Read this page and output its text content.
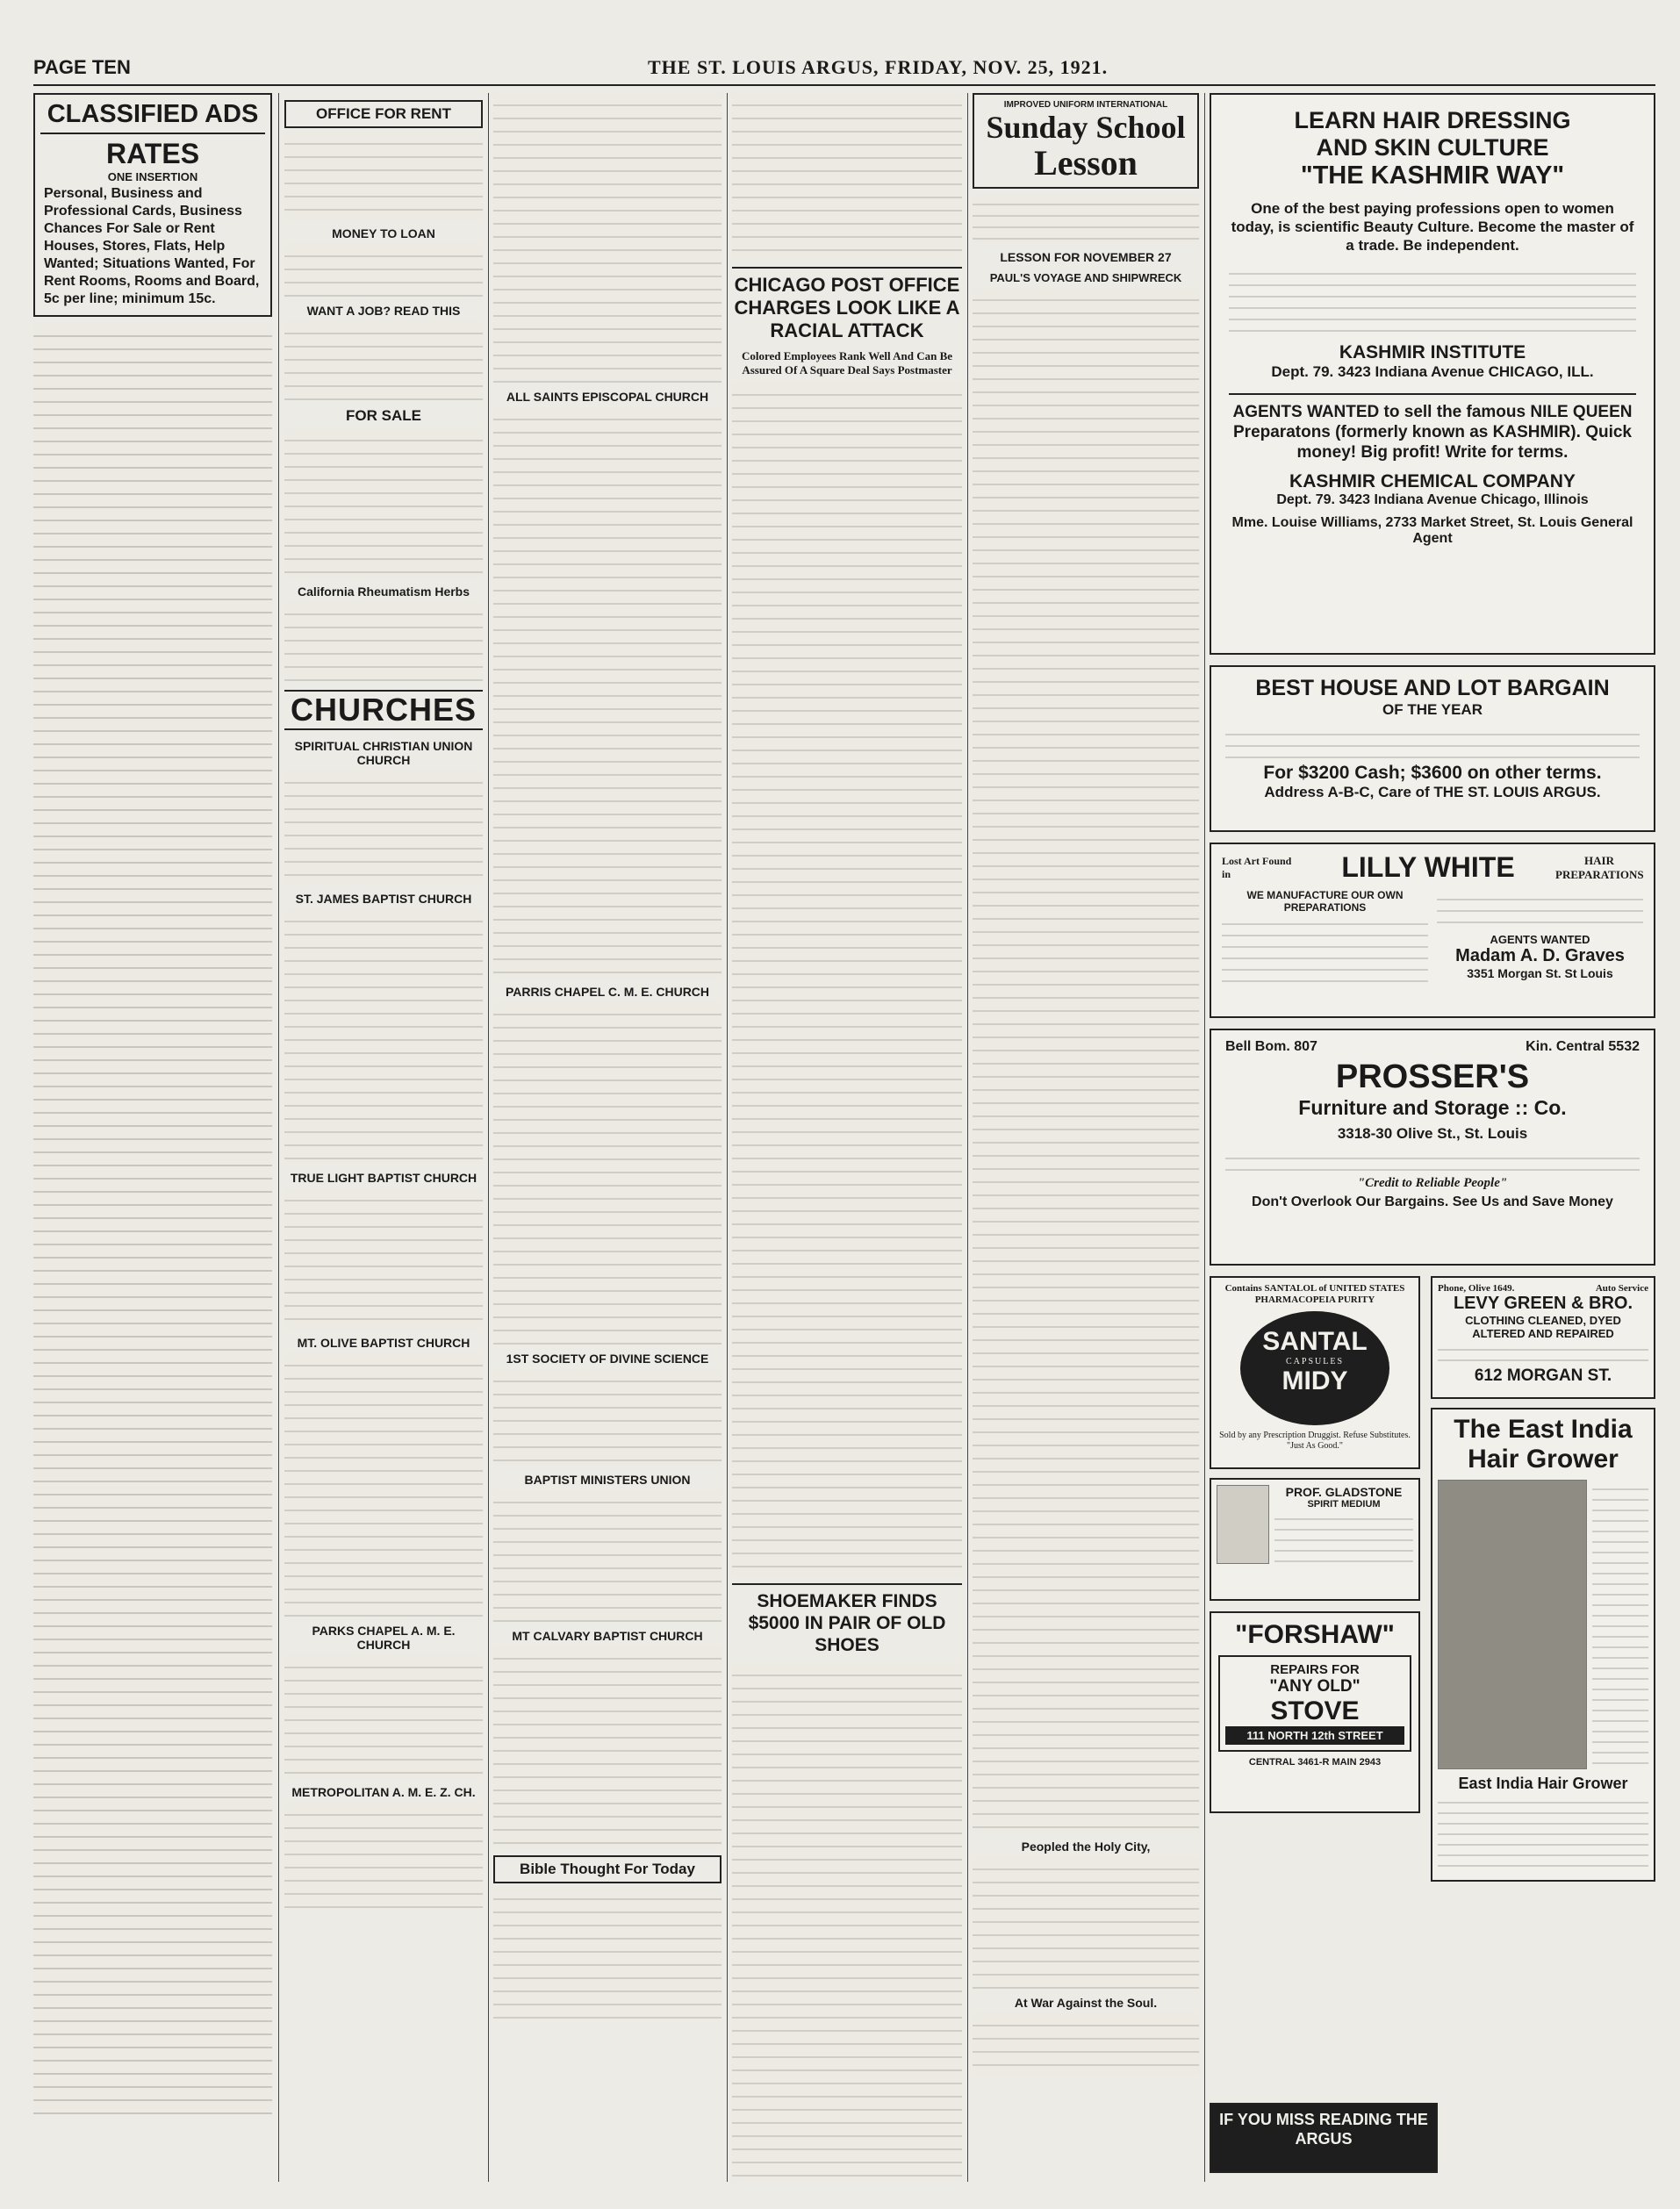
PAGE TEN	THE ST. LOUIS ARGUS, FRIDAY, NOV. 25, 1921.
CLASSIFIED ADS
RATES
ONE INSERTION
Personal, Business and Professional Cards, Business Chances For Sale or Rent Houses, Stores, Flats, Help Wanted; Situations Wanted, For Rent Rooms, Rooms and Board, 5c per line; minimum 15c.
OFFICE FOR RENT
MONEY TO LOAN
WANT A JOB? READ THIS
FOR SALE
California Rheumatism Herbs
CHURCHES
SPIRITUAL CHRISTIAN UNION CHURCH
ST. JAMES BAPTIST CHURCH
TRUE LIGHT BAPTIST CHURCH
MT. OLIVE BAPTIST CHURCH
PARKS CHAPEL A. M. E. CHURCH
METROPOLITAN A. M. E. Z. CH.
ALL SAINTS EPISCOPAL CHURCH
PARRIS CHAPEL C. M. E. CHURCH
1ST SOCIETY OF DIVINE SCIENCE
BAPTIST MINISTERS UNION
MT CALVARY BAPTIST CHURCH
Bible Thought For Today
CHICAGO POST OFFICE CHARGES LOOK LIKE A RACIAL ATTACK
Colored Employees Rank Well And Can Be Assured Of A Square Deal Says Postmaster
SHOEMAKER FINDS $5000 IN PAIR OF OLD SHOES
IMPROVED UNIFORM INTERNATIONAL
Sunday School
Lesson
LESSON FOR NOVEMBER 27
PAUL'S VOYAGE AND SHIPWRECK
Peopled the Holy City,
At War Against the Soul.
LEARN HAIR DRESSING
AND SKIN CULTURE
"THE KASHMIR WAY"
One of the best paying professions open to women today, is scientific Beauty Culture. Become the master of a trade. Be independent.
KASHMIR INSTITUTE
Dept. 79. 3423 Indiana Avenue CHICAGO, ILL.
AGENTS WANTED to sell the famous NILE QUEEN Preparatons (formerly known as KASHMIR). Quick money! Big profit! Write for terms.
KASHMIR CHEMICAL COMPANY
Dept. 79. 3423 Indiana Avenue Chicago, Illinois
Mme. Louise Williams, 2733 Market Street, St. Louis General Agent
BEST HOUSE AND LOT BARGAIN
OF THE YEAR
For $3200 Cash; $3600 on other terms.
Address A-B-C, Care of THE ST. LOUIS ARGUS.
Lost Art Found in	LILLY WHITE	HAIR PREPARATIONS
WE MANUFACTURE OUR OWN PREPARATIONS
AGENTS WANTED
Madam A. D. Graves
3351 Morgan St. St Louis
Bell Bom. 807	Kin. Central 5532
PROSSER'S
Furniture and Storage :: Co.
3318-30 Olive St., St. Louis
"Credit to Reliable People"
Don't Overlook Our Bargains. See Us and Save Money
Contains SANTALOL of UNITED STATES PHARMACOPEIA PURITY
SANTAL
CAPSULES
MIDY
Sold by any Prescription Druggist. Refuse Substitutes. "Just As Good."
PROF. GLADSTONE
SPIRIT MEDIUM
"FORSHAW"
REPAIRS FOR
"ANY OLD"
STOVE
111 NORTH 12th STREET
CENTRAL 3461-R MAIN 2943
Phone, Olive 1649.	Auto Service
LEVY GREEN & BRO.
CLOTHING CLEANED, DYED ALTERED AND REPAIRED
612 MORGAN ST.
The East India Hair Grower
East India Hair Grower
IF YOU MISS READING THE ARGUS
